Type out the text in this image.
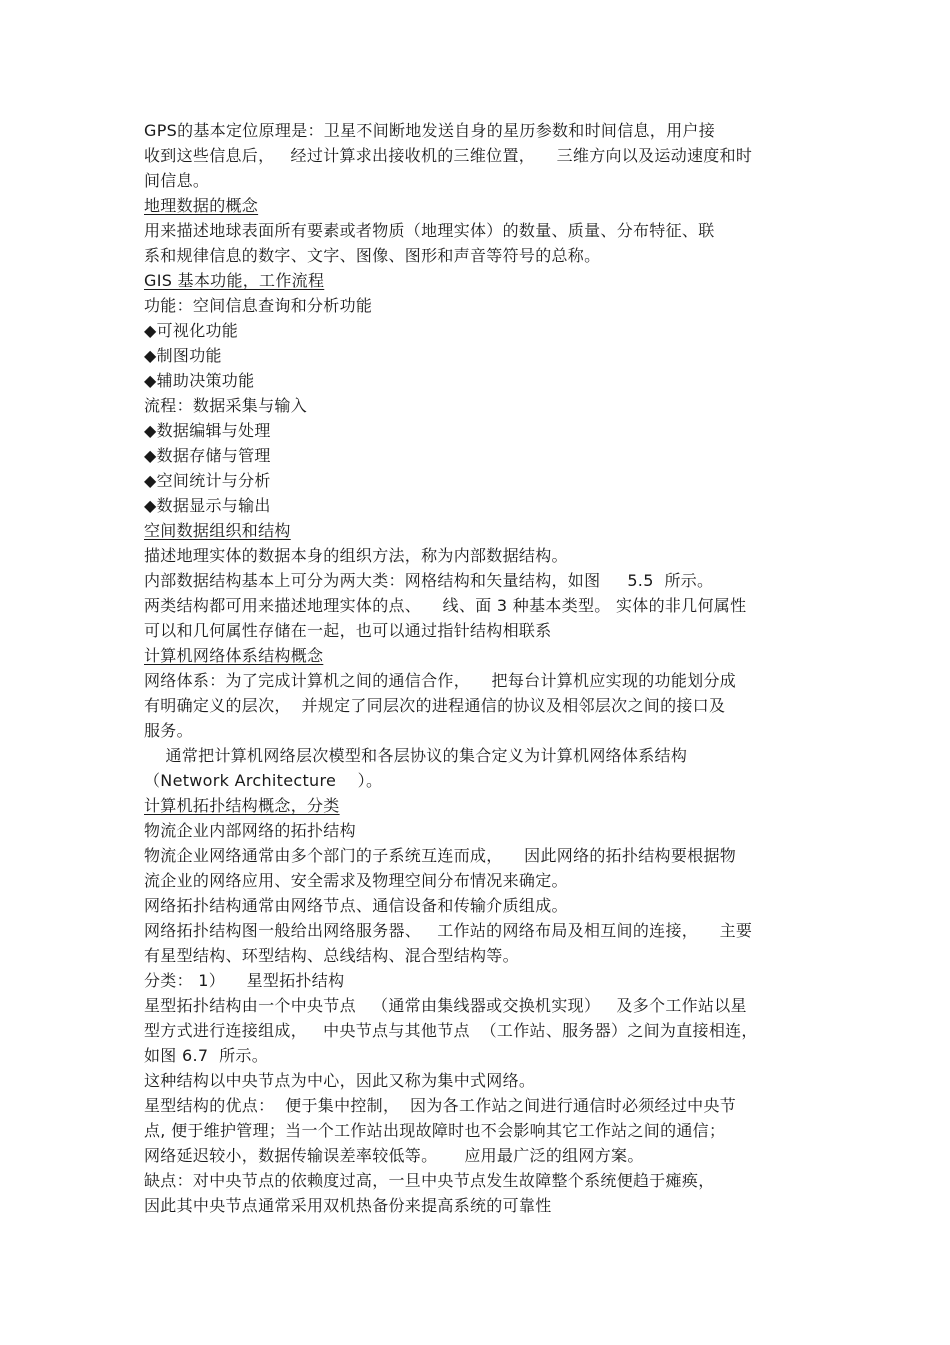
GPS的基本定位原理是：卫星不间断地发送自身的星历参数和时间信息，用户接
收到这些信息后，   经过计算求出接收机的三维位置，    三维方向以及运动速度和时
间信息。
地理数据的概念
用来描述地球表面所有要素或者物质（地理实体）的数量、质量、分布特征、联
系和规律信息的数字、文字、图像、图形和声音等符号的总称。
GIS 基本功能，工作流程
功能：空间信息查询和分析功能
◆可视化功能
◆制图功能
◆辅助决策功能
流程：数据采集与输入
◆数据编辑与处理
◆数据存储与管理
◆空间统计与分析
◆数据显示与输出
空间数据组织和结构
描述地理实体的数据本身的组织方法，称为内部数据结构。
内部数据结构基本上可分为两大类：网格结构和矢量结构，如图     5.5  所示。
两类结构都可用来描述地理实体的点、    线、面 3 种基本类型。 实体的非几何属性
可以和几何属性存储在一起，也可以通过指针结构相联系
计算机网络体系结构概念
网络体系：为了完成计算机之间的通信合作，    把每台计算机应实现的功能划分成
有明确定义的层次，  并规定了同层次的进程通信的协议及相邻层次之间的接口及
服务。
通常把计算机网络层次模型和各层协议的集合定义为计算机网络体系结构
（Network Architecture    ）。
计算机拓扑结构概念，分类
物流企业内部网络的拓扑结构
物流企业网络通常由多个部门的子系统互连而成，    因此网络的拓扑结构要根据物
流企业的网络应用、安全需求及物理空间分布情况来确定。
网络拓扑结构通常由网络节点、通信设备和传输介质组成。
网络拓扑结构图一般给出网络服务器、   工作站的网络布局及相互间的连接，    主要
有星型结构、环型结构、总线结构、混合型结构等。
分类： 1）    星型拓扑结构
星型拓扑结构由一个中央节点   （通常由集线器或交换机实现）   及多个工作站以星
型方式进行连接组成，   中央节点与其他节点  （工作站、服务器）之间为直接相连，
如图 6.7  所示。
这种结构以中央节点为中心，因此又称为集中式网络。
星型结构的优点：  便于集中控制，  因为各工作站之间进行通信时必须经过中央节
点, 便于维护管理；当一个工作站出现故障时也不会影响其它工作站之间的通信；
网络延迟较小，数据传输误差率较低等。     应用最广泛的组网方案。
缺点：对中央节点的依赖度过高，一旦中央节点发生故障整个系统便趋于瘫痪，
因此其中央节点通常采用双机热备份来提高系统的可靠性
